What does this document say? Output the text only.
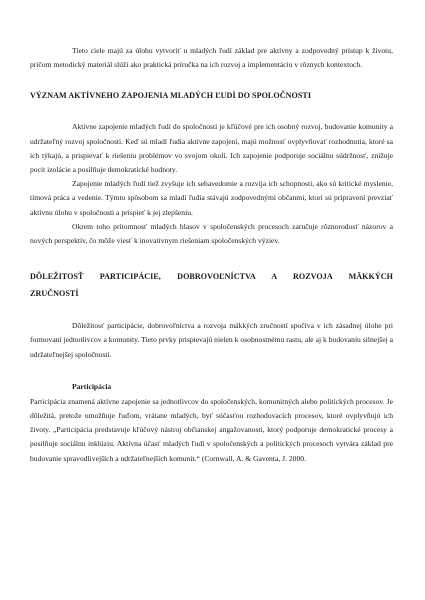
Tieto ciele majú za úlohu vytvoriť u mladých ľudí základ pre aktívny a zodpovedný prístup k životu, pričom metodický materiál slúži ako praktická príručka na ich rozvoj a implementáciu v rôznych kontextoch.

VÝZNAM AKTÍVNEHO ZAPOJENIA MLADÝCH ĽUDÍ DO SPOLOČNOSTI

Aktívne zapojenie mladých ľudí do spoločnosti je kľúčové pre ich osobný rozvoj, budovanie komunity a udržateľný rozvoj spoločnosti. Keď sú mladí ľudia aktívne zapojení, majú možnosť ovplyvňovať rozhodnutia, ktoré sa ich týkajú, a prispievať k riešeniu problémov vo svojom okolí. Ich zapojenie podporuje sociálnu súdržnosť, znižuje pocit izolácie a posilňuje demokratické hodnoty.

Zapojenie mladých ľudí tiež zvyšuje ich sebavedomie a rozvíja ich schopnosti, ako sú kritické myslenie, tímová práca a vedenie. Týmto spôsobom sa mladí ľudia stávajú zodpovednými občanmi, ktorí sú pripravení prevziať aktívnu úlohu v spoločnosti a prispieť k jej zlepšeniu.

Okrem toho prítomnosť mladých hlasov v spoločenských procesoch zaručuje rôznorodosť názorov a nových perspektív, čo môže viesť k inovatívnym riešeniam spoločenských výziev.

DÔLEŽITOSŤ PARTICIPÁCIE, DOBROVOĽNÍCTVA A ROZVOJA MÄKKÝCH ZRUČNOSTÍ

Dôležitosť participácie, dobrovoľníctva a rozvoja mäkkých zručností spočíva v ich zásadnej úlohe pri formovaní jednotlivcov a komunity. Tieto prvky prispievajú nielen k osobnostnému rastu, ale aj k budovaniu silnejšej a udržateľnejšej spoločnosti.

Participácia

Participácia znamená aktívne zapojenie sa jednotlivcov do spoločenských, komunitných alebo politických procesov. Je dôležitá, pretože umožňuje ľuďom, vrátane mladých, byť súčasťou rozhodovacích procesov, ktoré ovplyvňujú ich životy. „Participácia predstavuje kľúčový nástroj občianskej angažovanosti, ktorý podporuje demokratické procesy a posilňuje sociálnu inklúziu. Aktívna účasť mladých ľudí v spoločenských a politických procesoch vytvára základ pre budovanie spravodlivejších a udržateľnejších komunít.“ (Cornwall, A. & Gaventa, J. 2000.
